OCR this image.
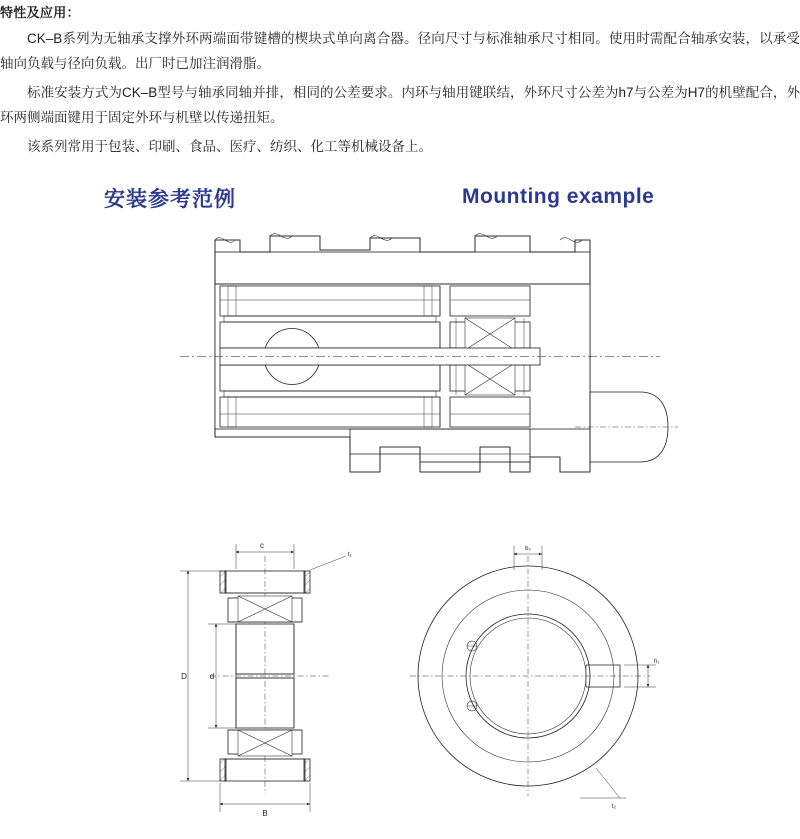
特性及应用：

CK–B系列为无轴承支撑外环两端面带键槽的楔块式单向离合器。径向尺寸与标准轴承尺寸相同。使用时需配合轴承安装，以承受轴向负载与径向负载。出厂时已加注润滑脂。

标准安装方式为CK–B型号与轴承同轴并排，相同的公差要求。内环与轴用键联结，外环尺寸公差为h7与公差为H7的机壁配合，外环两侧端面键用于固定外环与机壁以传递扭矩。

该系列常用于包装、印刷、食品、医疗、纺织、化工等机械设备上。

安装参考范例	Mounting example
c
t₁
D	d
B
b₂
h₁
t₂
